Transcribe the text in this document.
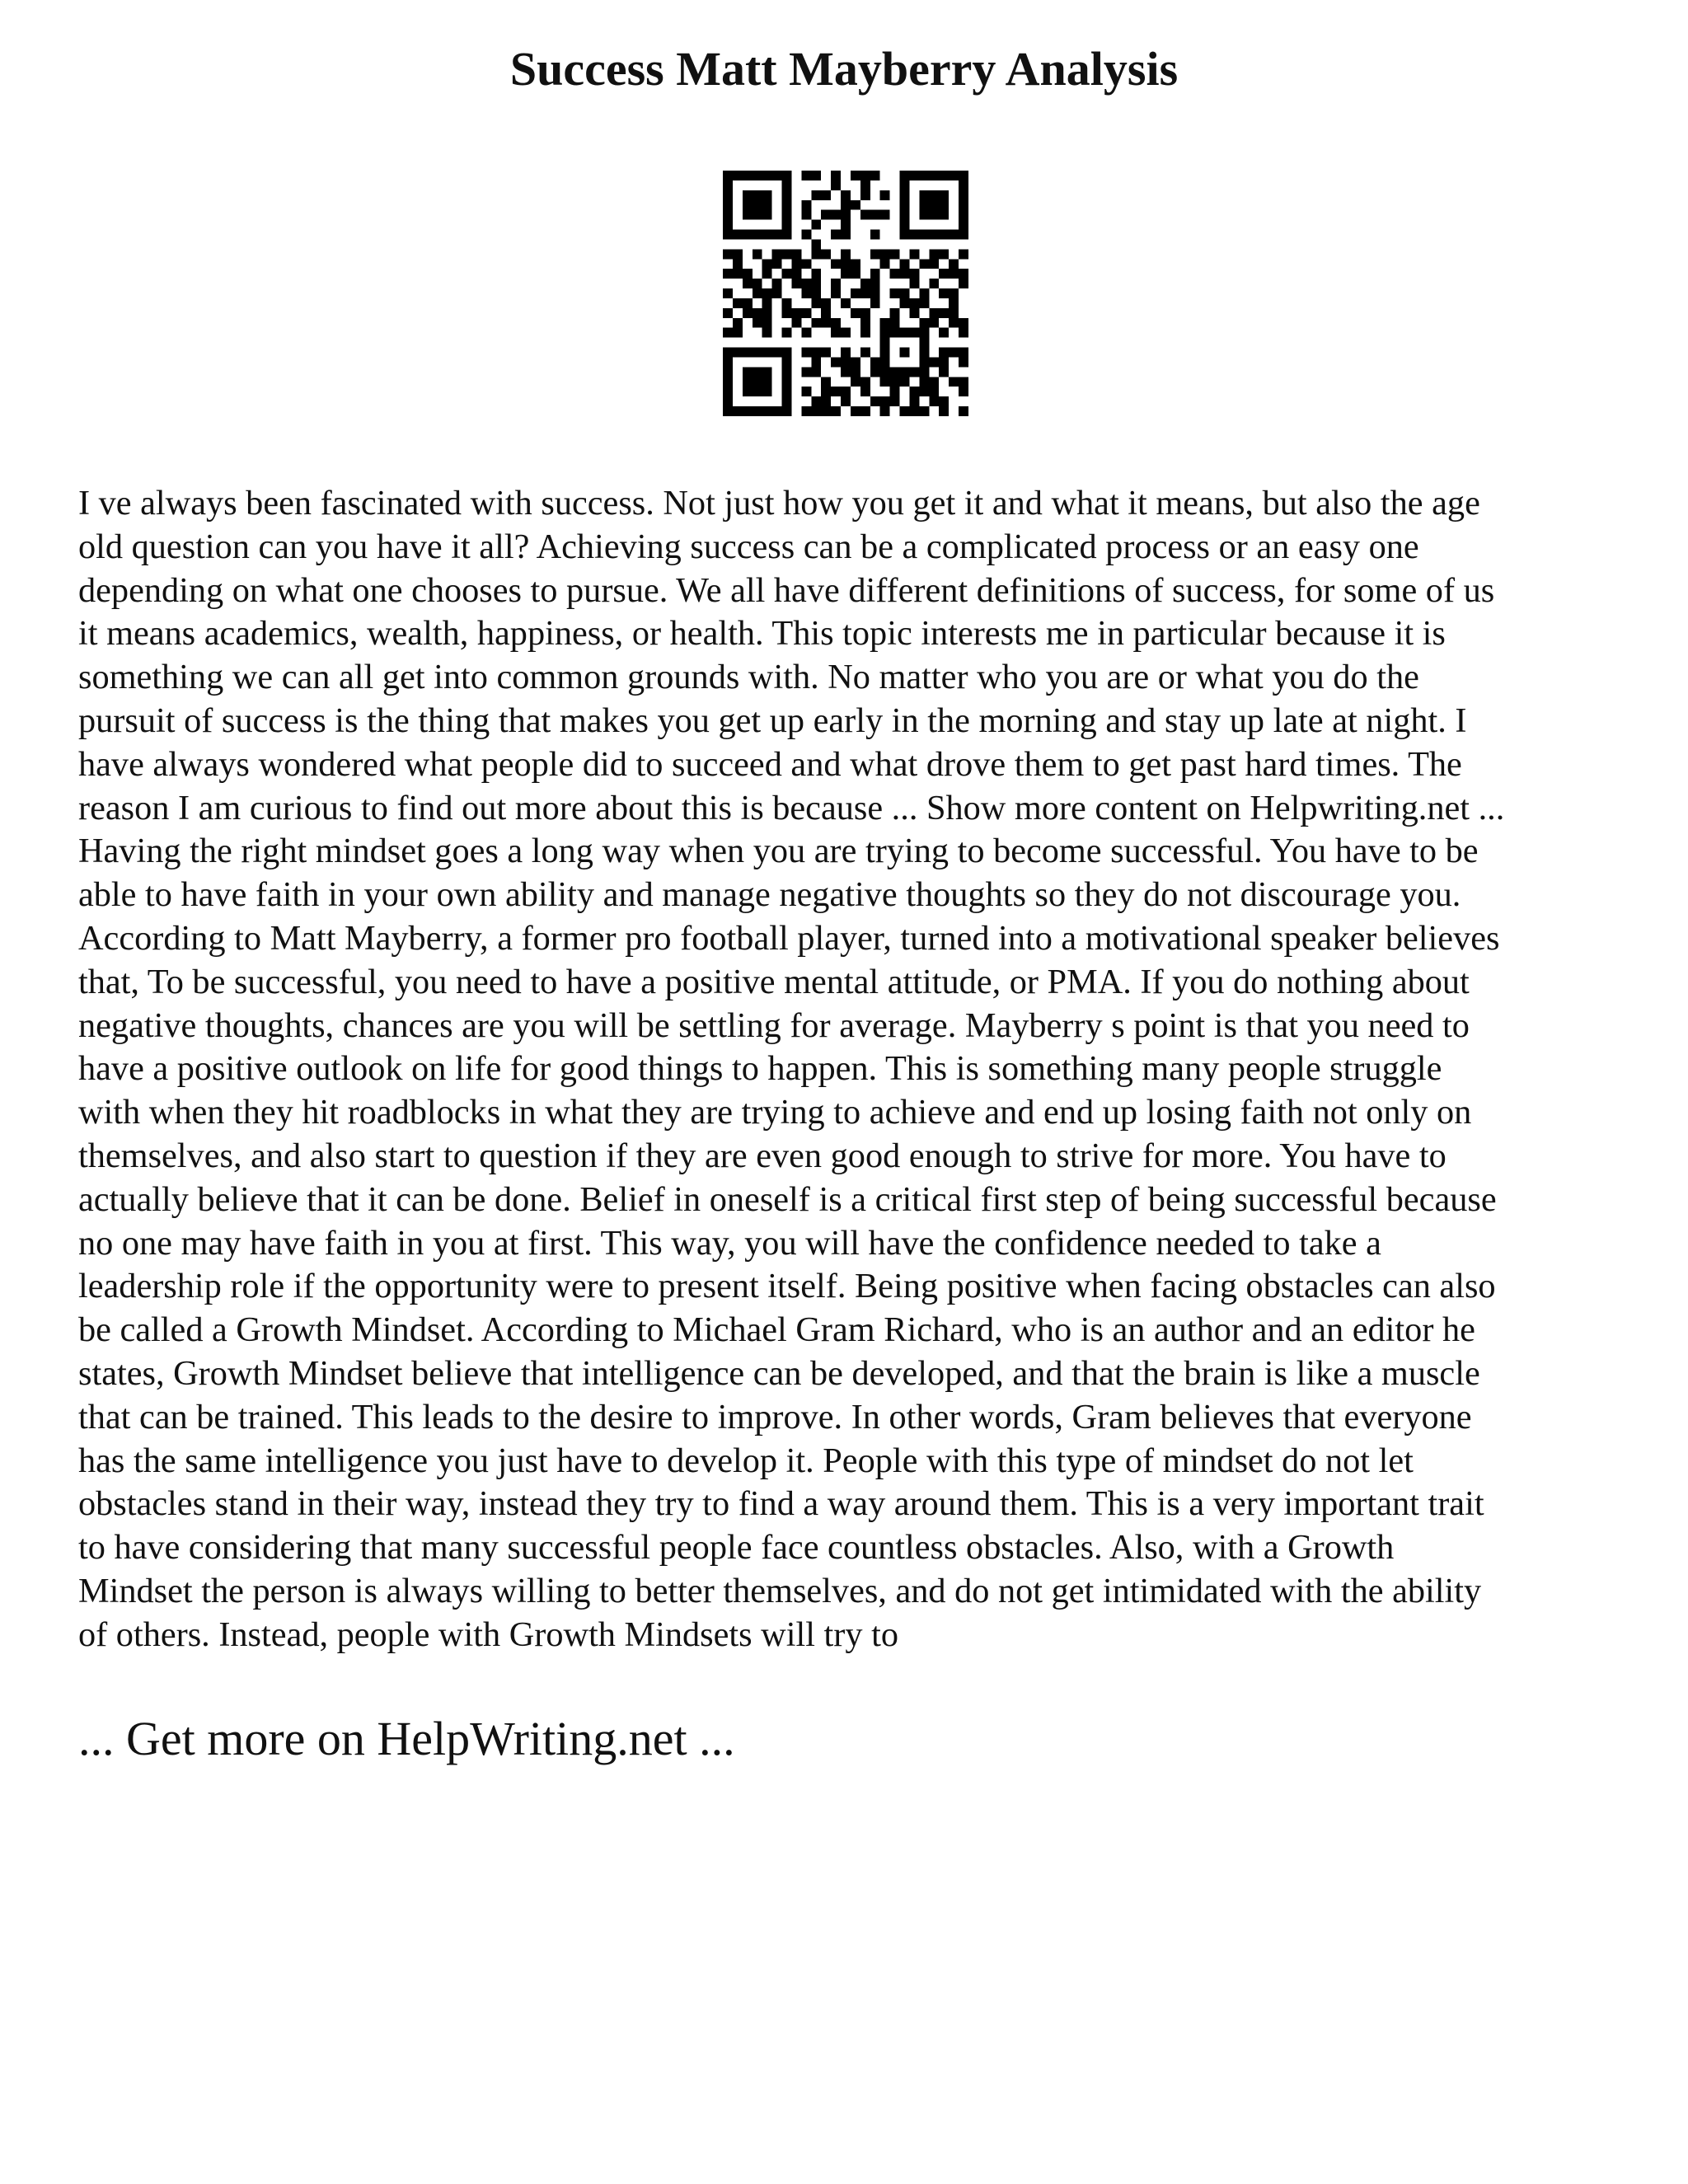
Success Matt Mayberry Analysis
I ve always been fascinated with success. Not just how you get it and what it means, but also the age
old question can you have it all? Achieving success can be a complicated process or an easy one
depending on what one chooses to pursue. We all have different definitions of success, for some of us
it means academics, wealth, happiness, or health. This topic interests me in particular because it is
something we can all get into common grounds with. No matter who you are or what you do the
pursuit of success is the thing that makes you get up early in the morning and stay up late at night. I
have always wondered what people did to succeed and what drove them to get past hard times. The
reason I am curious to find out more about this is because ... Show more content on Helpwriting.net ...
Having the right mindset goes a long way when you are trying to become successful. You have to be
able to have faith in your own ability and manage negative thoughts so they do not discourage you.
According to Matt Mayberry, a former pro football player, turned into a motivational speaker believes
that, To be successful, you need to have a positive mental attitude, or PMA. If you do nothing about
negative thoughts, chances are you will be settling for average. Mayberry s point is that you need to
have a positive outlook on life for good things to happen. This is something many people struggle
with when they hit roadblocks in what they are trying to achieve and end up losing faith not only on
themselves, and also start to question if they are even good enough to strive for more. You have to
actually believe that it can be done. Belief in oneself is a critical first step of being successful because
no one may have faith in you at first. This way, you will have the confidence needed to take a
leadership role if the opportunity were to present itself. Being positive when facing obstacles can also
be called a Growth Mindset. According to Michael Gram Richard, who is an author and an editor he
states, Growth Mindset believe that intelligence can be developed, and that the brain is like a muscle
that can be trained. This leads to the desire to improve. In other words, Gram believes that everyone
has the same intelligence you just have to develop it. People with this type of mindset do not let
obstacles stand in their way, instead they try to find a way around them. This is a very important trait
to have considering that many successful people face countless obstacles. Also, with a Growth
Mindset the person is always willing to better themselves, and do not get intimidated with the ability
of others. Instead, people with Growth Mindsets will try to

... Get more on HelpWriting.net ...
